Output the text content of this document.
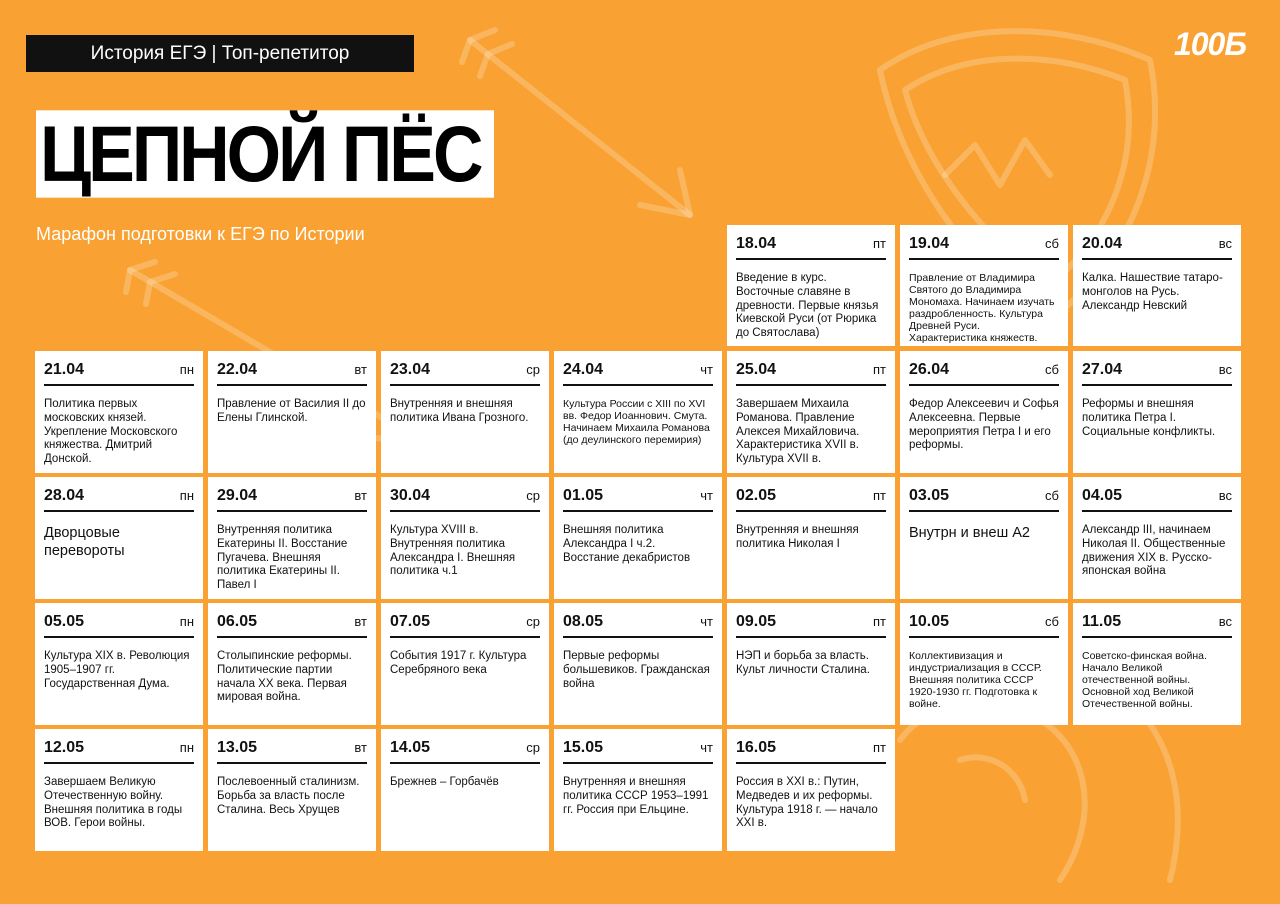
История ЕГЭ | Топ-репетитор	100Б
ЦЕПНОЙ ПЁС
Марафон подготовки к ЕГЭ по Истории	18.04	пт
Введение в курс. Восточные славяне в древности. Первые князья Киевской Руси (от Рюрика до Святослава)
19.04	сб
Правление от Владимира Святого до Владимира Мономаха. Начинаем изучать раздробленность. Культура Древней Руси. Характеристика княжеств.
20.04	вс
Калка. Нашествие татаро-монголов на Русь. Александр Невский
21.04	пн
Политика первых московских князей. Укрепление Московского княжества. Дмитрий Донской.
22.04	вт
Правление от Василия II до Елены Глинской.
23.04	ср
Внутренняя и внешняя политика Ивана Грозного.
24.04	чт
Культура России с XIII по XVI вв. Федор Иоаннович. Смута. Начинаем Михаила Романова (до деулинского перемирия)
25.04	пт
Завершаем Михаила Романова. Правление Алексея Михайловича. Характеристика XVII в. Культура XVII в.
26.04	сб
Федор Алексеевич и Софья Алексеевна. Первые мероприятия Петра I и его реформы.
27.04	вс
Реформы и внешняя политика Петра I. Социальные конфликты.
28.04	пн
Дворцовые перевороты
29.04	вт
Внутренняя политика Екатерины II. Восстание Пугачева. Внешняя политика Екатерины II. Павел I
30.04	ср
Культура XVIII в. Внутренняя политика Александра I. Внешняя политика ч.1
01.05	чт
Внешняя политика Александра I ч.2. Восстание декабристов
02.05	пт
Внутренняя и внешняя политика Николая I
03.05	сб
Внутрн и внеш А2
04.05	вс
Александр III, начинаем Николая II. Общественные движения XIX в. Русско-японская война
05.05	пн
Культура XIX в. Революция 1905–1907 гг. Государственная Дума.
06.05	вт
Столыпинские реформы. Политические партии начала XX века. Первая мировая война.
07.05	ср
События 1917 г. Культура Серебряного века
08.05	чт
Первые реформы большевиков. Гражданская война
09.05	пт
НЭП и борьба за власть. Культ личности Сталина.
10.05	сб
Коллективизация и индустриализация в СССР. Внешняя политика СССР 1920-1930 гг. Подготовка к войне.
11.05	вс
Советско-финская война. Начало Великой отечественной войны. Основной ход Великой Отечественной войны.
12.05	пн
Завершаем Великую Отечественную войну. Внешняя политика в годы ВОВ. Герои войны.
13.05	вт
Послевоенный сталинизм. Борьба за власть после Сталина. Весь Хрущев
14.05	ср
Брежнев – Горбачёв
15.05	чт
Внутренняя и внешняя политика СССР 1953–1991 гг. Россия при Ельцине.
16.05	пт
Россия в XXI в.: Путин, Медведев и их реформы. Культура 1918 г. — начало XXI в.
